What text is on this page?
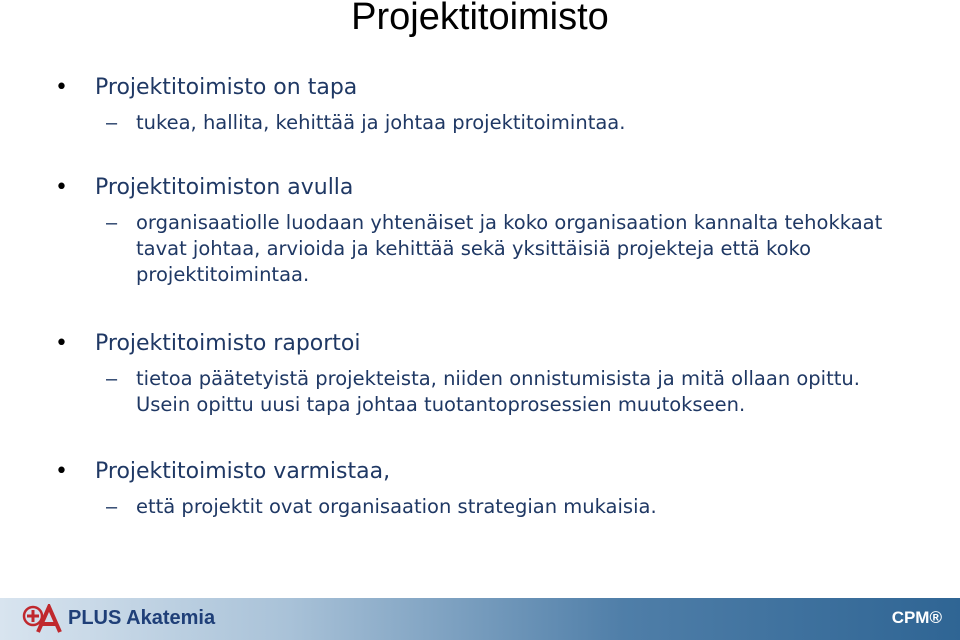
Projektitoimisto
•	Projektitoimisto on tapa
– tukea, hallita, kehittää ja johtaa projektitoimintaa.
•	Projektitoimiston avulla
– organisaatiolle luodaan yhtenäiset ja koko organisaation kannalta tehokkaat tavat johtaa, arvioida ja kehittää sekä yksittäisiä projekteja että koko projektitoimintaa.
•	Projektitoimisto raportoi
– tietoa päätetyistä projekteista, niiden onnistumisista ja mitä ollaan opittu. Usein opittu uusi tapa johtaa tuotantoprosessien muutokseen.
•	Projektitoimisto varmistaa,
– että projektit ovat organisaation strategian mukaisia.
PLUS Akatemia	CPM®
